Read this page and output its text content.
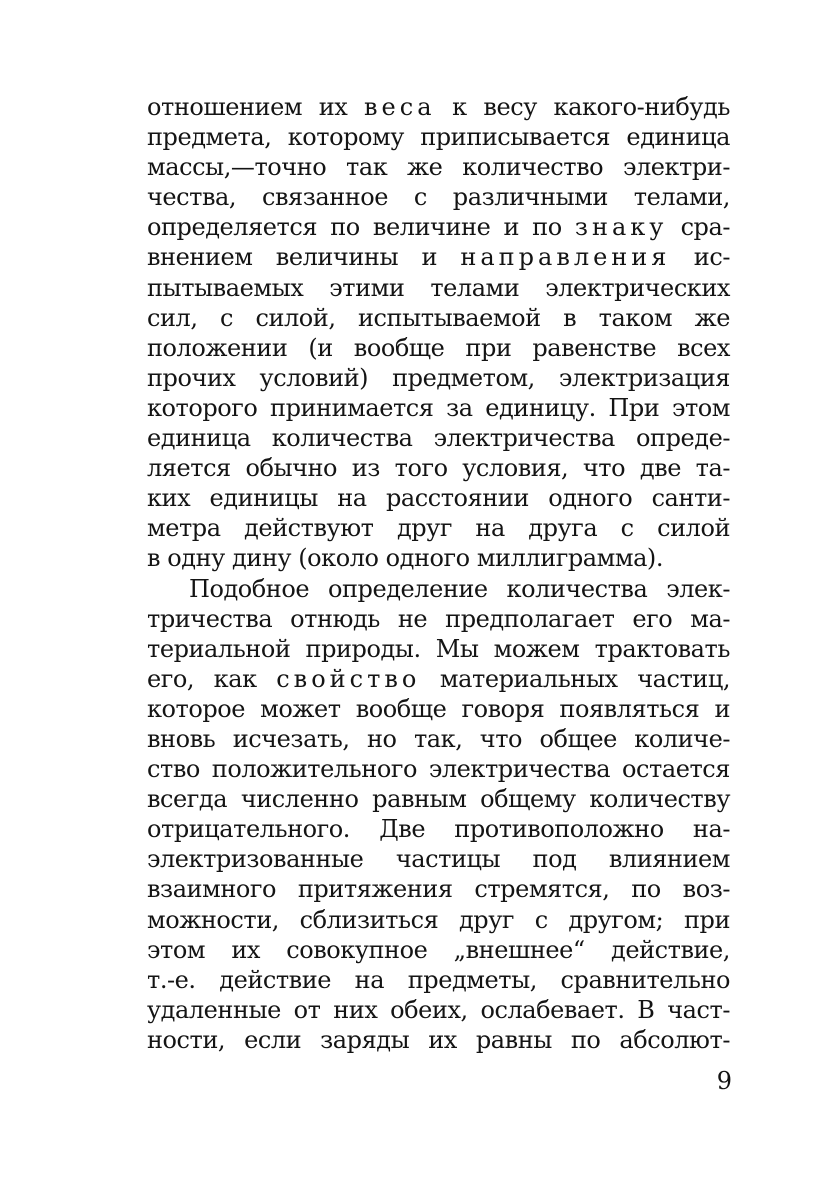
отношением их веса к весу какого-нибудь
предмета, которому приписывается единица
массы,—точно так же количество электри-
чества, связанное с различными телами,
определяется по величине и по знаку сра-
внением величины и направления ис-
пытываемых этими телами электрических
сил, с силой, испытываемой в таком же
положении (и вообще при равенстве всех
прочих условий) предметом, электризация
которого принимается за единицу. При этом
единица количества электричества опреде-
ляется обычно из того условия, что две та-
ких единицы на расстоянии одного санти-
метра действуют друг на друга с силой
в одну дину (около одного миллиграмма).
Подобное определение количества элек-
тричества отнюдь не предполагает его ма-
териальной природы. Мы можем трактовать
его, как свойство материальных частиц,
которое может вообще говоря появляться и
вновь исчезать, но так, что общее количе-
ство положительного электричества остается
всегда численно равным общему количеству
отрицательного. Две противоположно на-
электризованные частицы под влиянием
взаимного притяжения стремятся, по воз-
можности, сблизиться друг с другом; при
этом их совокупное „внешнее“ действие,
т.-е. действие на предметы, сравнительно
удаленные от них обеих, ослабевает. В част-
ности, если заряды их равны по абсолют-
9
